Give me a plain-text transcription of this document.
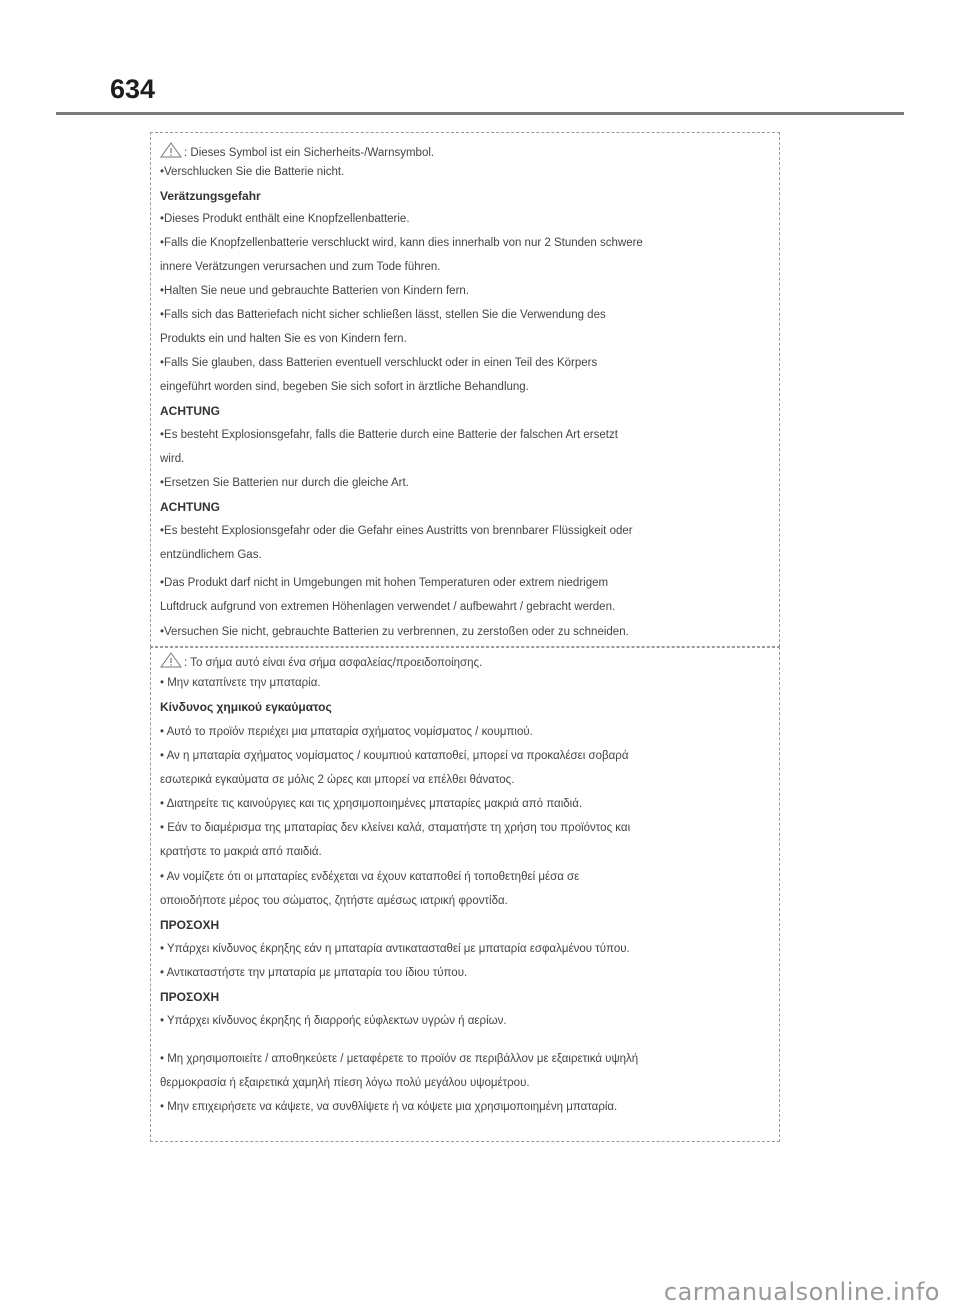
634
: Dieses Symbol ist ein Sicherheits-/Warnsymbol.
•Verschlucken Sie die Batterie nicht.
Verätzungsgefahr
•Dieses Produkt enthält eine Knopfzellenbatterie.
•Falls die Knopfzellenbatterie verschluckt wird, kann dies innerhalb von nur 2 Stunden schwere
innere Verätzungen verursachen und zum Tode führen.
•Halten Sie neue und gebrauchte Batterien von Kindern fern.
•Falls sich das Batteriefach nicht sicher schließen lässt, stellen Sie die Verwendung des
Produkts ein und halten Sie es von Kindern fern.
•Falls Sie glauben, dass Batterien eventuell verschluckt oder in einen Teil des Körpers
eingeführt worden sind, begeben Sie sich sofort in ärztliche Behandlung.
ACHTUNG
•Es besteht Explosionsgefahr, falls die Batterie durch eine Batterie der falschen Art ersetzt
wird.
•Ersetzen Sie Batterien nur durch die gleiche Art.
ACHTUNG
•Es besteht Explosionsgefahr oder die Gefahr eines Austritts von brennbarer Flüssigkeit oder
entzündlichem Gas.
•Das Produkt darf nicht in Umgebungen mit hohen Temperaturen oder extrem niedrigem
Luftdruck aufgrund von extremen Höhenlagen verwendet / aufbewahrt / gebracht werden.
•Versuchen Sie nicht, gebrauchte Batterien zu verbrennen, zu zerstoßen oder zu schneiden.
: Το σήμα αυτό είναι ένα σήμα ασφαλείας/προειδοποίησης.
• Μην καταπίνετε την μπαταρία.
Κίνδυνος χημικού εγκαύματος
• Αυτό το προϊόν περιέχει μια μπαταρία σχήματος νομίσματος / κουμπιού.
• Αν η μπαταρία σχήματος νομίσματος / κουμπιού καταποθεί, μπορεί να προκαλέσει σοβαρά
εσωτερικά εγκαύματα σε μόλις 2 ώρες και μπορεί να επέλθει θάνατος.
• Διατηρείτε τις καινούργιες και τις χρησιμοποιημένες μπαταρίες μακριά από παιδιά.
• Εάν το διαμέρισμα της μπαταρίας δεν κλείνει καλά, σταματήστε τη χρήση του προϊόντος και
κρατήστε το μακριά από παιδιά.
• Αν νομίζετε ότι οι μπαταρίες ενδέχεται να έχουν καταποθεί ή τοποθετηθεί μέσα σε
οποιοδήποτε μέρος του σώματος, ζητήστε αμέσως ιατρική φροντίδα.
ΠΡΟΣΟΧΗ
• Υπάρχει κίνδυνος έκρηξης εάν η μπαταρία αντικατασταθεί με μπαταρία εσφαλμένου τύπου.
• Αντικαταστήστε την μπαταρία με μπαταρία του ίδιου τύπου.
ΠΡΟΣΟΧΗ
• Υπάρχει κίνδυνος έκρηξης ή διαρροής εύφλεκτων υγρών ή αερίων.
• Μη χρησιμοποιείτε / αποθηκεύετε / μεταφέρετε το προϊόν σε περιβάλλον με εξαιρετικά υψηλή
θερμοκρασία ή εξαιρετικά χαμηλή πίεση λόγω πολύ μεγάλου υψομέτρου.
• Μην επιχειρήσετε να κάψετε, να συνθλίψετε ή να κόψετε μια χρησιμοποιημένη μπαταρία.
carmanualsonline.info
